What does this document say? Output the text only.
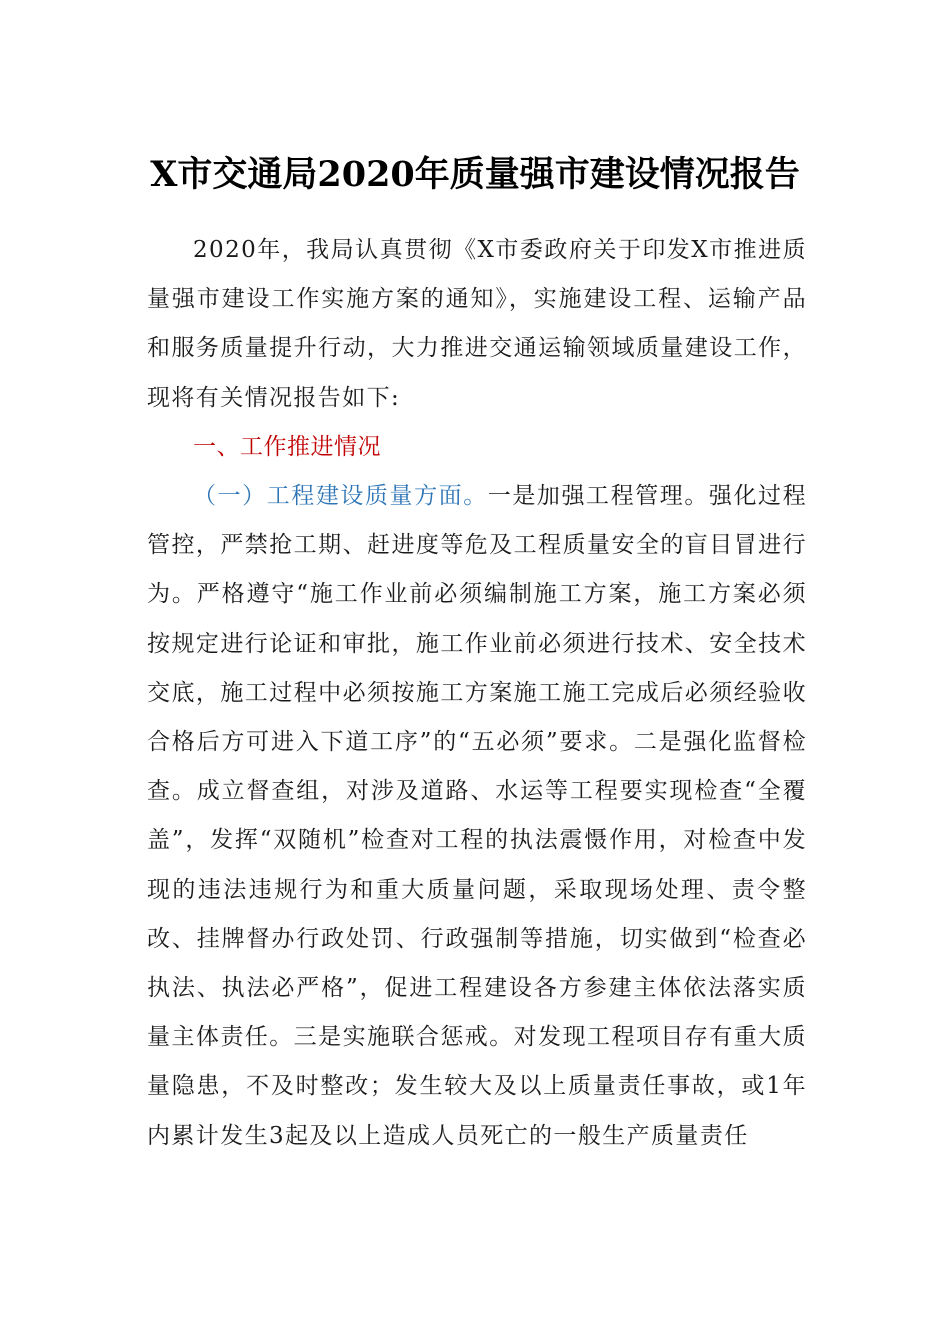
X市交通局2020年质量强市建设情况报告

2020年，我局认真贯彻《X市委政府关于印发X市推进质量强市建设工作实施方案的通知》，实施建设工程、运输产品和服务质量提升行动，大力推进交通运输领域质量建设工作，现将有关情况报告如下:

一、工作推进情况

（一）工程建设质量方面。一是加强工程管理。强化过程管控，严禁抢工期、赶进度等危及工程质量安全的盲目冒进行为。严格遵守“施工作业前必须编制施工方案，施工方案必须按规定进行论证和审批，施工作业前必须进行技术、安全技术交底，施工过程中必须按施工方案施工施工完成后必须经验收合格后方可进入下道工序”的“五必须”要求。二是强化监督检查。成立督查组，对涉及道路、水运等工程要实现检查“全覆盖”，发挥“双随机”检查对工程的执法震慑作用，对检查中发现的违法违规行为和重大质量问题，采取现场处理、责令整改、挂牌督办行政处罚、行政强制等措施，切实做到“检查必执法、执法必严格”，促进工程建设各方参建主体依法落实质量主体责任。三是实施联合惩戒。对发现工程项目存有重大质量隐患，不及时整改；发生较大及以上质量责任事故，或1年内累计发生3起及以上造成人员死亡的一般生产质量责任
